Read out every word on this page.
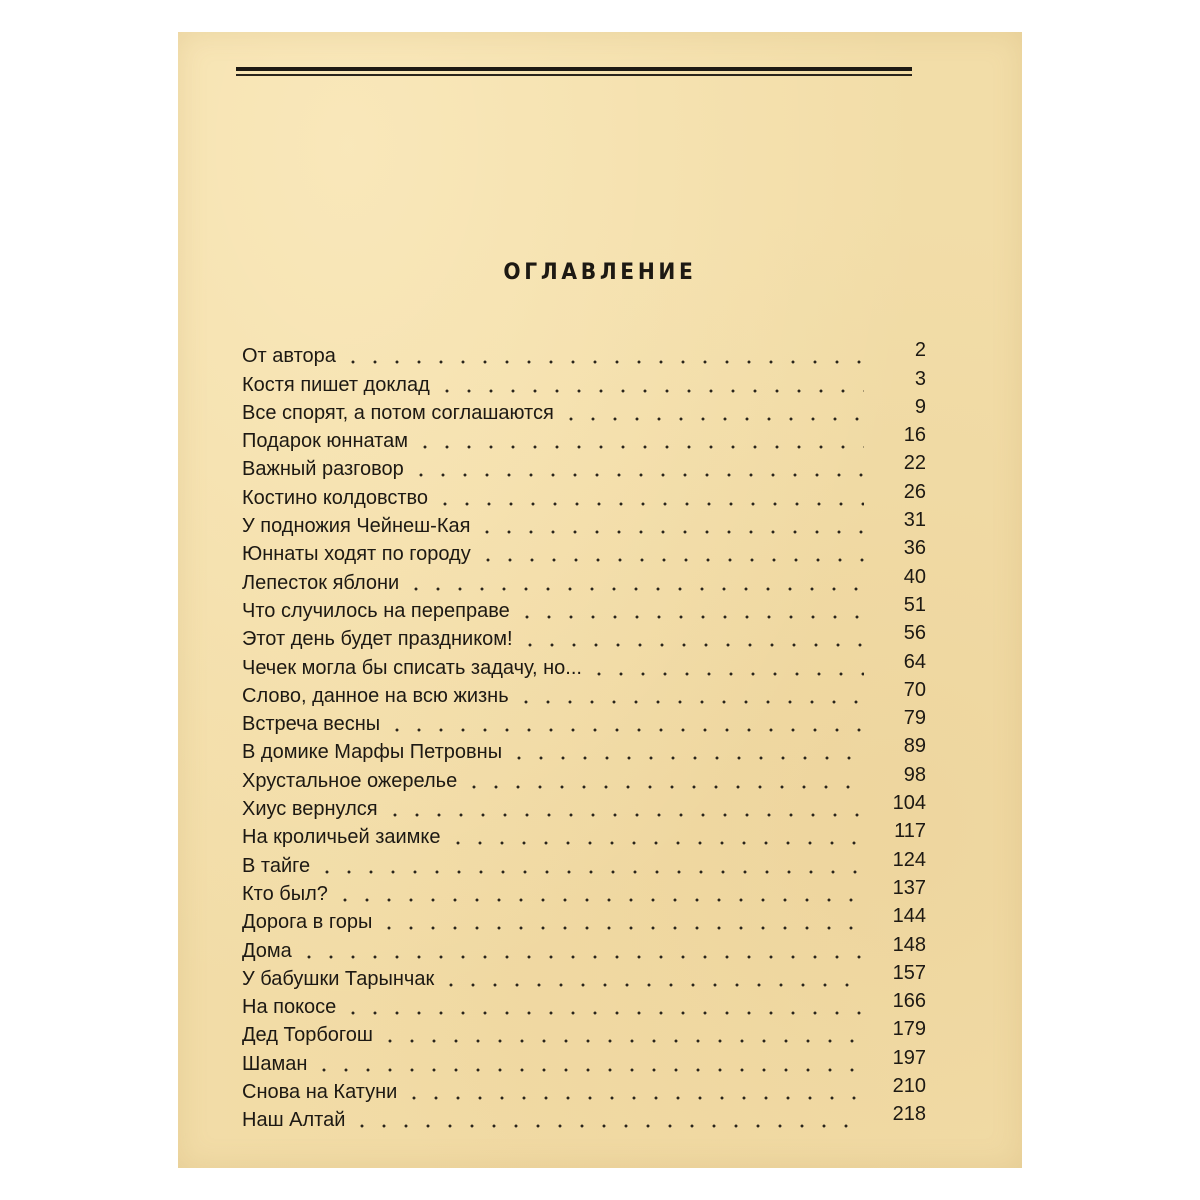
ОГЛАВЛЕНИЕ
От автора	2
Костя пишет доклад	3
Все спорят, а потом соглашаются	9
Подарок юннатам	16
Важный разговор	22
Костино колдовство	26
У подножия Чейнеш-Кая	31
Юннаты ходят по городу	36
Лепесток яблони	40
Что случилось на переправе	51
Этот день будет праздником!	56
Чечек могла бы списать задачу, но...	64
Слово, данное на всю жизнь	70
Встреча весны	79
В домике Марфы Петровны	89
Хрустальное ожерелье	98
Хиус вернулся	104
На кроличьей заимке	117
В тайге	124
Кто был?	137
Дорога в горы	144
Дома	148
У бабушки Тарынчак	157
На покосе	166
Дед Торбогош	179
Шаман	197
Снова на Катуни	210
Наш Алтай	218
